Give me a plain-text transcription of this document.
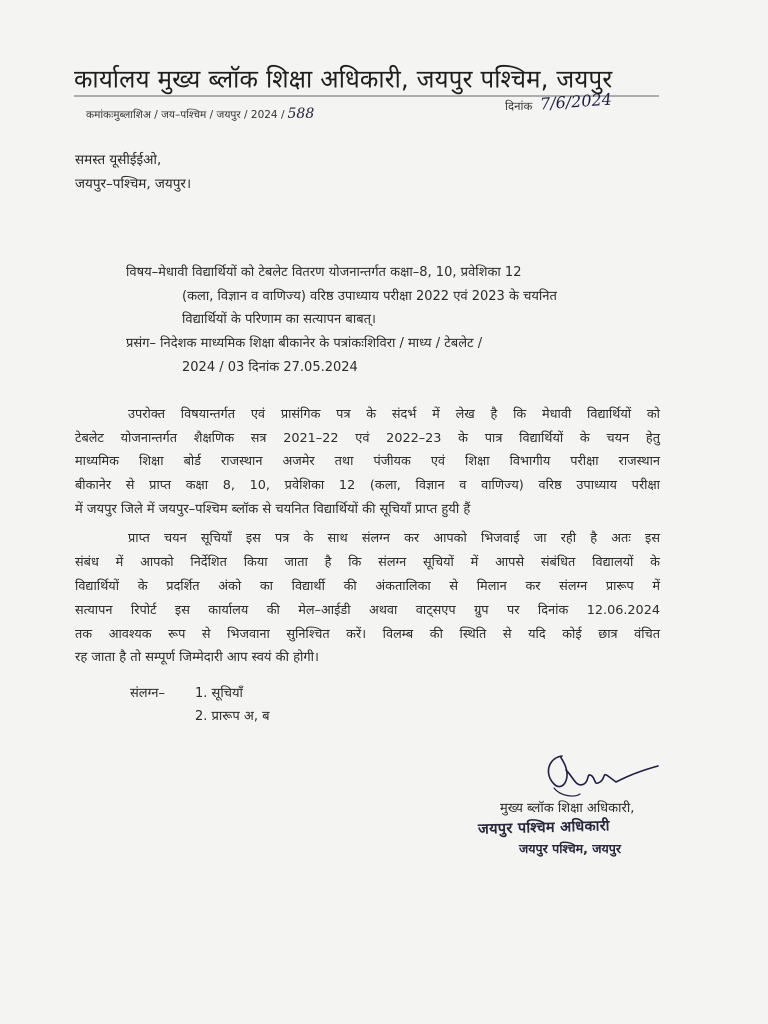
कार्यालय मुख्य ब्लॉक शिक्षा अधिकारी, जयपुर पश्चिम, जयपुर
कमांकःमुब्लाशिअ / जय–पश्चिम / जयपुर / 2024 / 588	दिनांक 7/6/2024
समस्त यूसीईईओ,
जयपुर–पश्चिम, जयपुर।
विषय–मेधावी विद्यार्थियों को टेबलेट वितरण योजनान्तर्गत कक्षा–8, 10, प्रवेशिका 12
(कला, विज्ञान व वाणिज्य) वरिष्ठ उपाध्याय परीक्षा 2022 एवं 2023 के चयनित
विद्यार्थियों के परिणाम का सत्यापन बाबत्।
प्रसंग– निदेशक माध्यमिक शिक्षा बीकानेर के पत्रांकःशिविरा / माध्य / टेबलेट /
2024 / 03 दिनांक 27.05.2024
उपरोक्त विषयान्तर्गत एवं प्रासंगिक पत्र के संदर्भ में लेख है कि मेधावी विद्यार्थियों को
टेबलेट योजनान्तर्गत शैक्षणिक सत्र 2021–22 एवं 2022–23 के पात्र विद्यार्थियों के चयन हेतु
माध्यमिक शिक्षा बोर्ड राजस्थान अजमेर तथा पंजीयक एवं शिक्षा विभागीय परीक्षा राजस्थान
बीकानेर से प्राप्त कक्षा 8, 10, प्रवेशिका 12 (कला, विज्ञान व वाणिज्य) वरिष्ठ उपाध्याय परीक्षा
में जयपुर जिले में जयपुर–पश्चिम ब्लॉक से चयनित विद्यार्थियों की सूचियाँ प्राप्त हुयी हैं
प्राप्त चयन सूचियाँ इस पत्र के साथ संलग्न कर आपको भिजवाई जा रही है अतः इस
संबंध में आपको निर्देशित किया जाता है कि संलग्न सूचियों में आपसे संबंधित विद्यालयों के
विद्यार्थियों के प्रदर्शित अंको का विद्यार्थी की अंकतालिका से मिलान कर संलग्न प्रारूप में
सत्यापन रिपोर्ट इस कार्यालय की मेल–आईडी अथवा वाट्सएप ग्रुप पर दिनांक 12.06.2024
तक आवश्यक रूप से भिजवाना सुनिश्चित करें। विलम्ब की स्थिति से यदि कोई छात्र वंचित
रह जाता है तो सम्पूर्ण जिम्मेदारी आप स्वयं की होगी।
संलग्न– 1. सूचियाँ
2. प्रारूप अ, ब
मुख्य ब्लॉक शिक्षा अधिकारी,
जयपुर पश्चिम अधिकारी
जयपुर पश्चिम, जयपुर
